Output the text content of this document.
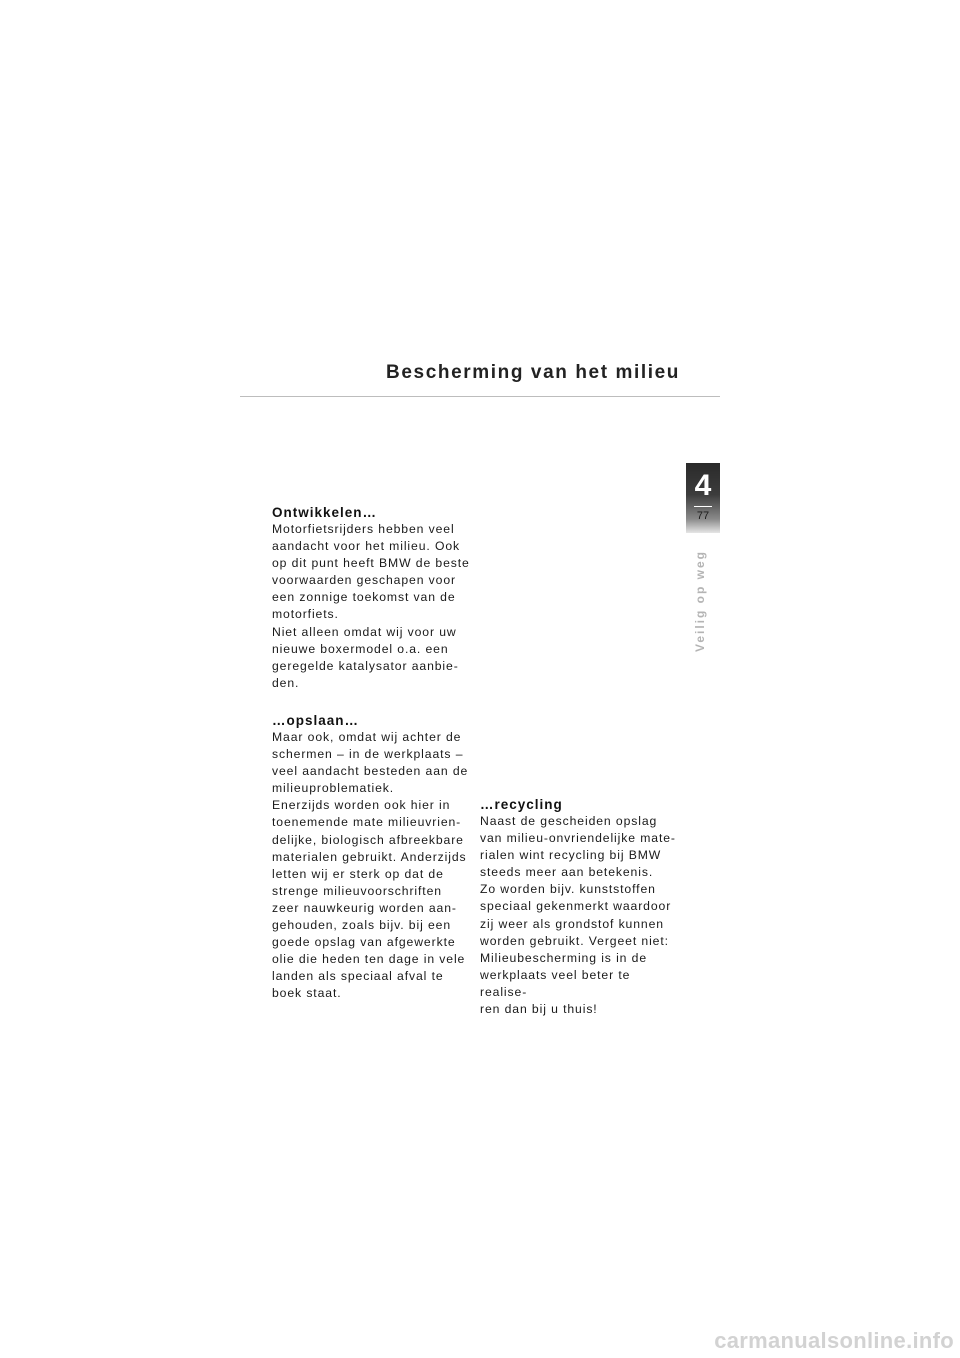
Bescherming van het milieu
4
77
Veilig op weg
Ontwikkelen…

Motorfietsrijders hebben veel
aandacht voor het milieu. Ook
op dit punt heeft BMW de beste
voorwaarden geschapen voor
een zonnige toekomst van de
motorfiets.

Niet alleen omdat wij voor uw
nieuwe boxermodel o.a. een
geregelde katalysator aanbie-
den.

…opslaan…

Maar ook, omdat wij achter de
schermen – in de werkplaats –
veel aandacht besteden aan de
milieuproblematiek.

Enerzijds worden ook hier in
toenemende mate milieuvrien-
delijke, biologisch afbreekbare
materialen gebruikt. Anderzijds
letten wij er sterk op dat de
strenge milieuvoorschriften
zeer nauwkeurig worden aan-
gehouden, zoals bijv. bij een
goede opslag van afgewerkte
olie die heden ten dage in vele
landen als speciaal afval te
boek staat.

…recycling

Naast de gescheiden opslag
van milieu-onvriendelijke mate-
rialen wint recycling bij BMW
steeds meer aan betekenis.

Zo worden bijv. kunststoffen
speciaal gekenmerkt waardoor
zij weer als grondstof kunnen
worden gebruikt. Vergeet niet:
Milieubescherming is in de
werkplaats veel beter te realise-
ren dan bij u thuis!

carmanualsonline.info
